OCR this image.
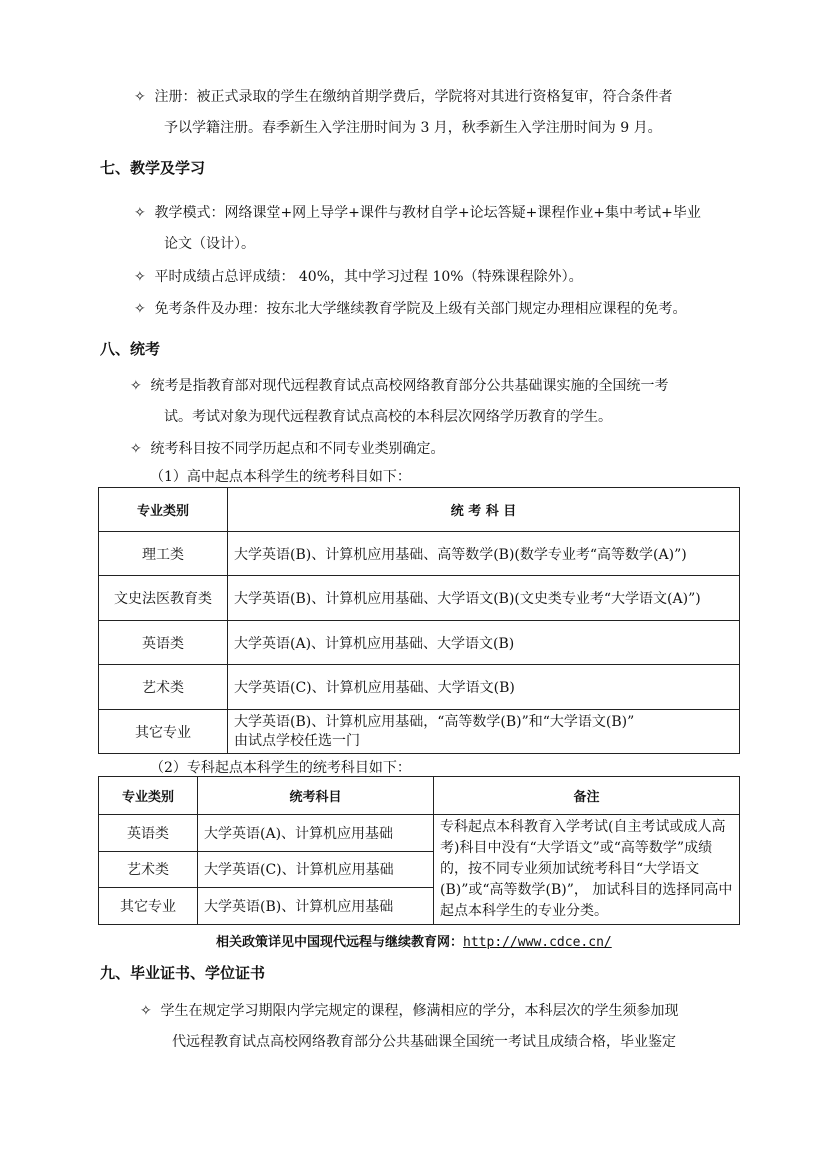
✧ 注册：被正式录取的学生在缴纳首期学费后，学院将对其进行资格复审，符合条件者
予以学籍注册。春季新生入学注册时间为 3 月，秋季新生入学注册时间为 9 月。
七、教学及学习
✧ 教学模式：网络课堂+网上导学+课件与教材自学+论坛答疑+课程作业+集中考试+毕业
论文（设计）。
✧ 平时成绩占总评成绩： 40%，其中学习过程 10%（特殊课程除外）。
✧ 免考条件及办理：按东北大学继续教育学院及上级有关部门规定办理相应课程的免考。
八、统考
✧ 统考是指教育部对现代远程教育试点高校网络教育部分公共基础课实施的全国统一考
试。考试对象为现代远程教育试点高校的本科层次网络学历教育的学生。
✧ 统考科目按不同学历起点和不同专业类别确定。
（1）高中起点本科学生的统考科目如下：
专业类别	统 考 科 目
理工类	大学英语(B)、计算机应用基础、高等数学(B)(数学专业考“高等数学(A)”)
文史法医教育类	大学英语(B)、计算机应用基础、大学语文(B)(文史类专业考“大学语文(A)”)
英语类	大学英语(A)、计算机应用基础、大学语文(B)
艺术类	大学英语(C)、计算机应用基础、大学语文(B)
其它专业	大学英语(B)、计算机应用基础，“高等数学(B)”和“大学语文(B)”
由试点学校任选一门
（2）专科起点本科学生的统考科目如下：
专业类别	统考科目	备注
英语类	大学英语(A)、计算机应用基础	专科起点本科教育入学考试(自主考试或成人高考)科目中没有“大学语文”或“高等数学”成绩的，按不同专业须加试统考科目“大学语文(B)”或“高等数学(B)”， 加试科目的选择同高中起点本科学生的专业分类。
艺术类	大学英语(C)、计算机应用基础	
其它专业	大学英语(B)、计算机应用基础	
相关政策详见中国现代远程与继续教育网：http://www.cdce.cn/
九、毕业证书、学位证书
✧ 学生在规定学习期限内学完规定的课程，修满相应的学分，本科层次的学生须参加现
代远程教育试点高校网络教育部分公共基础课全国统一考试且成绩合格，毕业鉴定
